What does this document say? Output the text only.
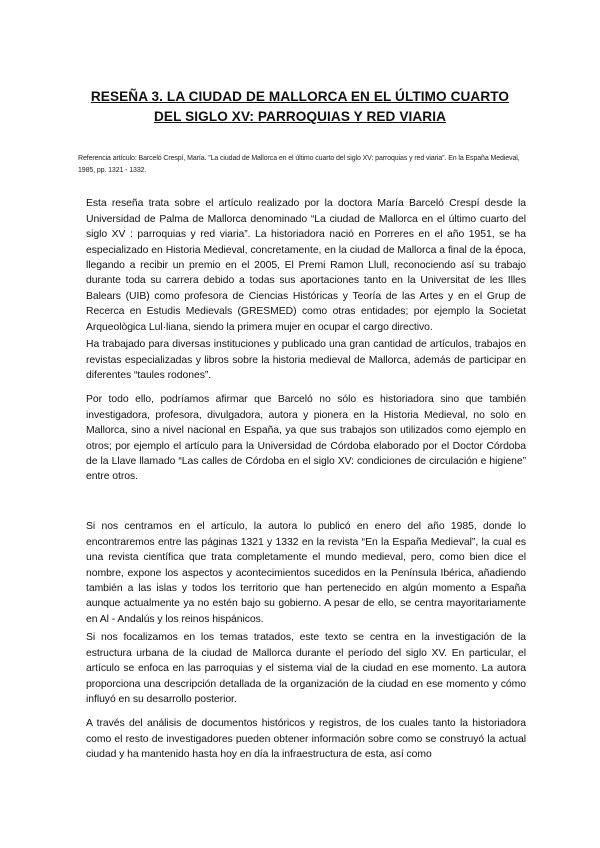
RESEÑA 3. LA CIUDAD DE MALLORCA EN EL ÚLTIMO CUARTO
DEL SIGLO XV: PARROQUIAS Y RED VIARIA
Referencia artículo: Barceló Crespí, María. "La ciudad de Mallorca en el último cuarto del siglo XV: parroquias y red viaria". En la España Medieval, 1985, pp. 1321 - 1332.

Esta reseña trata sobre el artículo realizado por la doctora María Barceló Crespí desde la Universidad de Palma de Mallorca denominado “La ciudad de Mallorca en el último cuarto del siglo XV : parroquias y red viaria”. La historiadora nació en Porreres en el año 1951, se ha especializado en Historia Medieval, concretamente, en la ciudad de Mallorca a final de la época, llegando a recibir un premio en el 2005, El Premi Ramon Llull, reconociendo así su trabajo durante toda su carrera debido a todas sus aportaciones tanto en la Universitat de les Illes Balears (UIB) como profesora de Ciencias Históricas y Teoría de las Artes y en el Grup de Recerca en Estudis Medievals (GRESMED) como otras entidades; por ejemplo la Societat Arqueològica Lul·liana, siendo la primera mujer en ocupar el cargo directivo.

Ha trabajado para diversas instituciones y publicado una gran cantidad de artículos, trabajos en revistas especializadas y libros sobre la historia medieval de Mallorca, además de participar en diferentes “taules rodones”.

Por todo ello, podríamos afirmar que Barceló no sólo es historiadora sino que también investigadora, profesora, divulgadora, autora y pionera en la Historia Medieval, no solo en Mallorca, sino a nivel nacional en España, ya que sus trabajos son utilizados como ejemplo en otros; por ejemplo el artículo para la Universidad de Córdoba elaborado por el Doctor Córdoba de la Llave llamado “Las calles de Córdoba en el siglo XV: condiciones de circulación e higiene” entre otros.

Si nos centramos en el artículo, la autora lo publicó en enero del año 1985, donde lo encontraremos entre las páginas 1321 y 1332 en la revista “En la España Medieval”, la cual es una revista científica que trata completamente el mundo medieval, pero, como bien dice el nombre, expone los aspectos y acontecimientos sucedidos en la Península Ibérica, añadiendo también a las islas y todos los territorio que han pertenecido en algún momento a España aunque actualmente ya no estén bajo su gobierno. A pesar de ello, se centra mayoritariamente en Al - Andalús y los reinos hispánicos.

Si nos focalizamos en los temas tratados, este texto se centra en la investigación de la estructura urbana de la ciudad de Mallorca durante el período del siglo XV. En particular, el artículo se enfoca en las parroquias y el sistema vial de la ciudad en ese momento. La autora proporciona una descripción detallada de la organización de la ciudad en ese momento y cómo influyó en su desarrollo posterior.

A través del análisis de documentos históricos y registros, de los cuales tanto la historiadora como el resto de investigadores pueden obtener información sobre como se construyó la actual ciudad y ha mantenido hasta hoy en día la infraestructura de esta, así como
